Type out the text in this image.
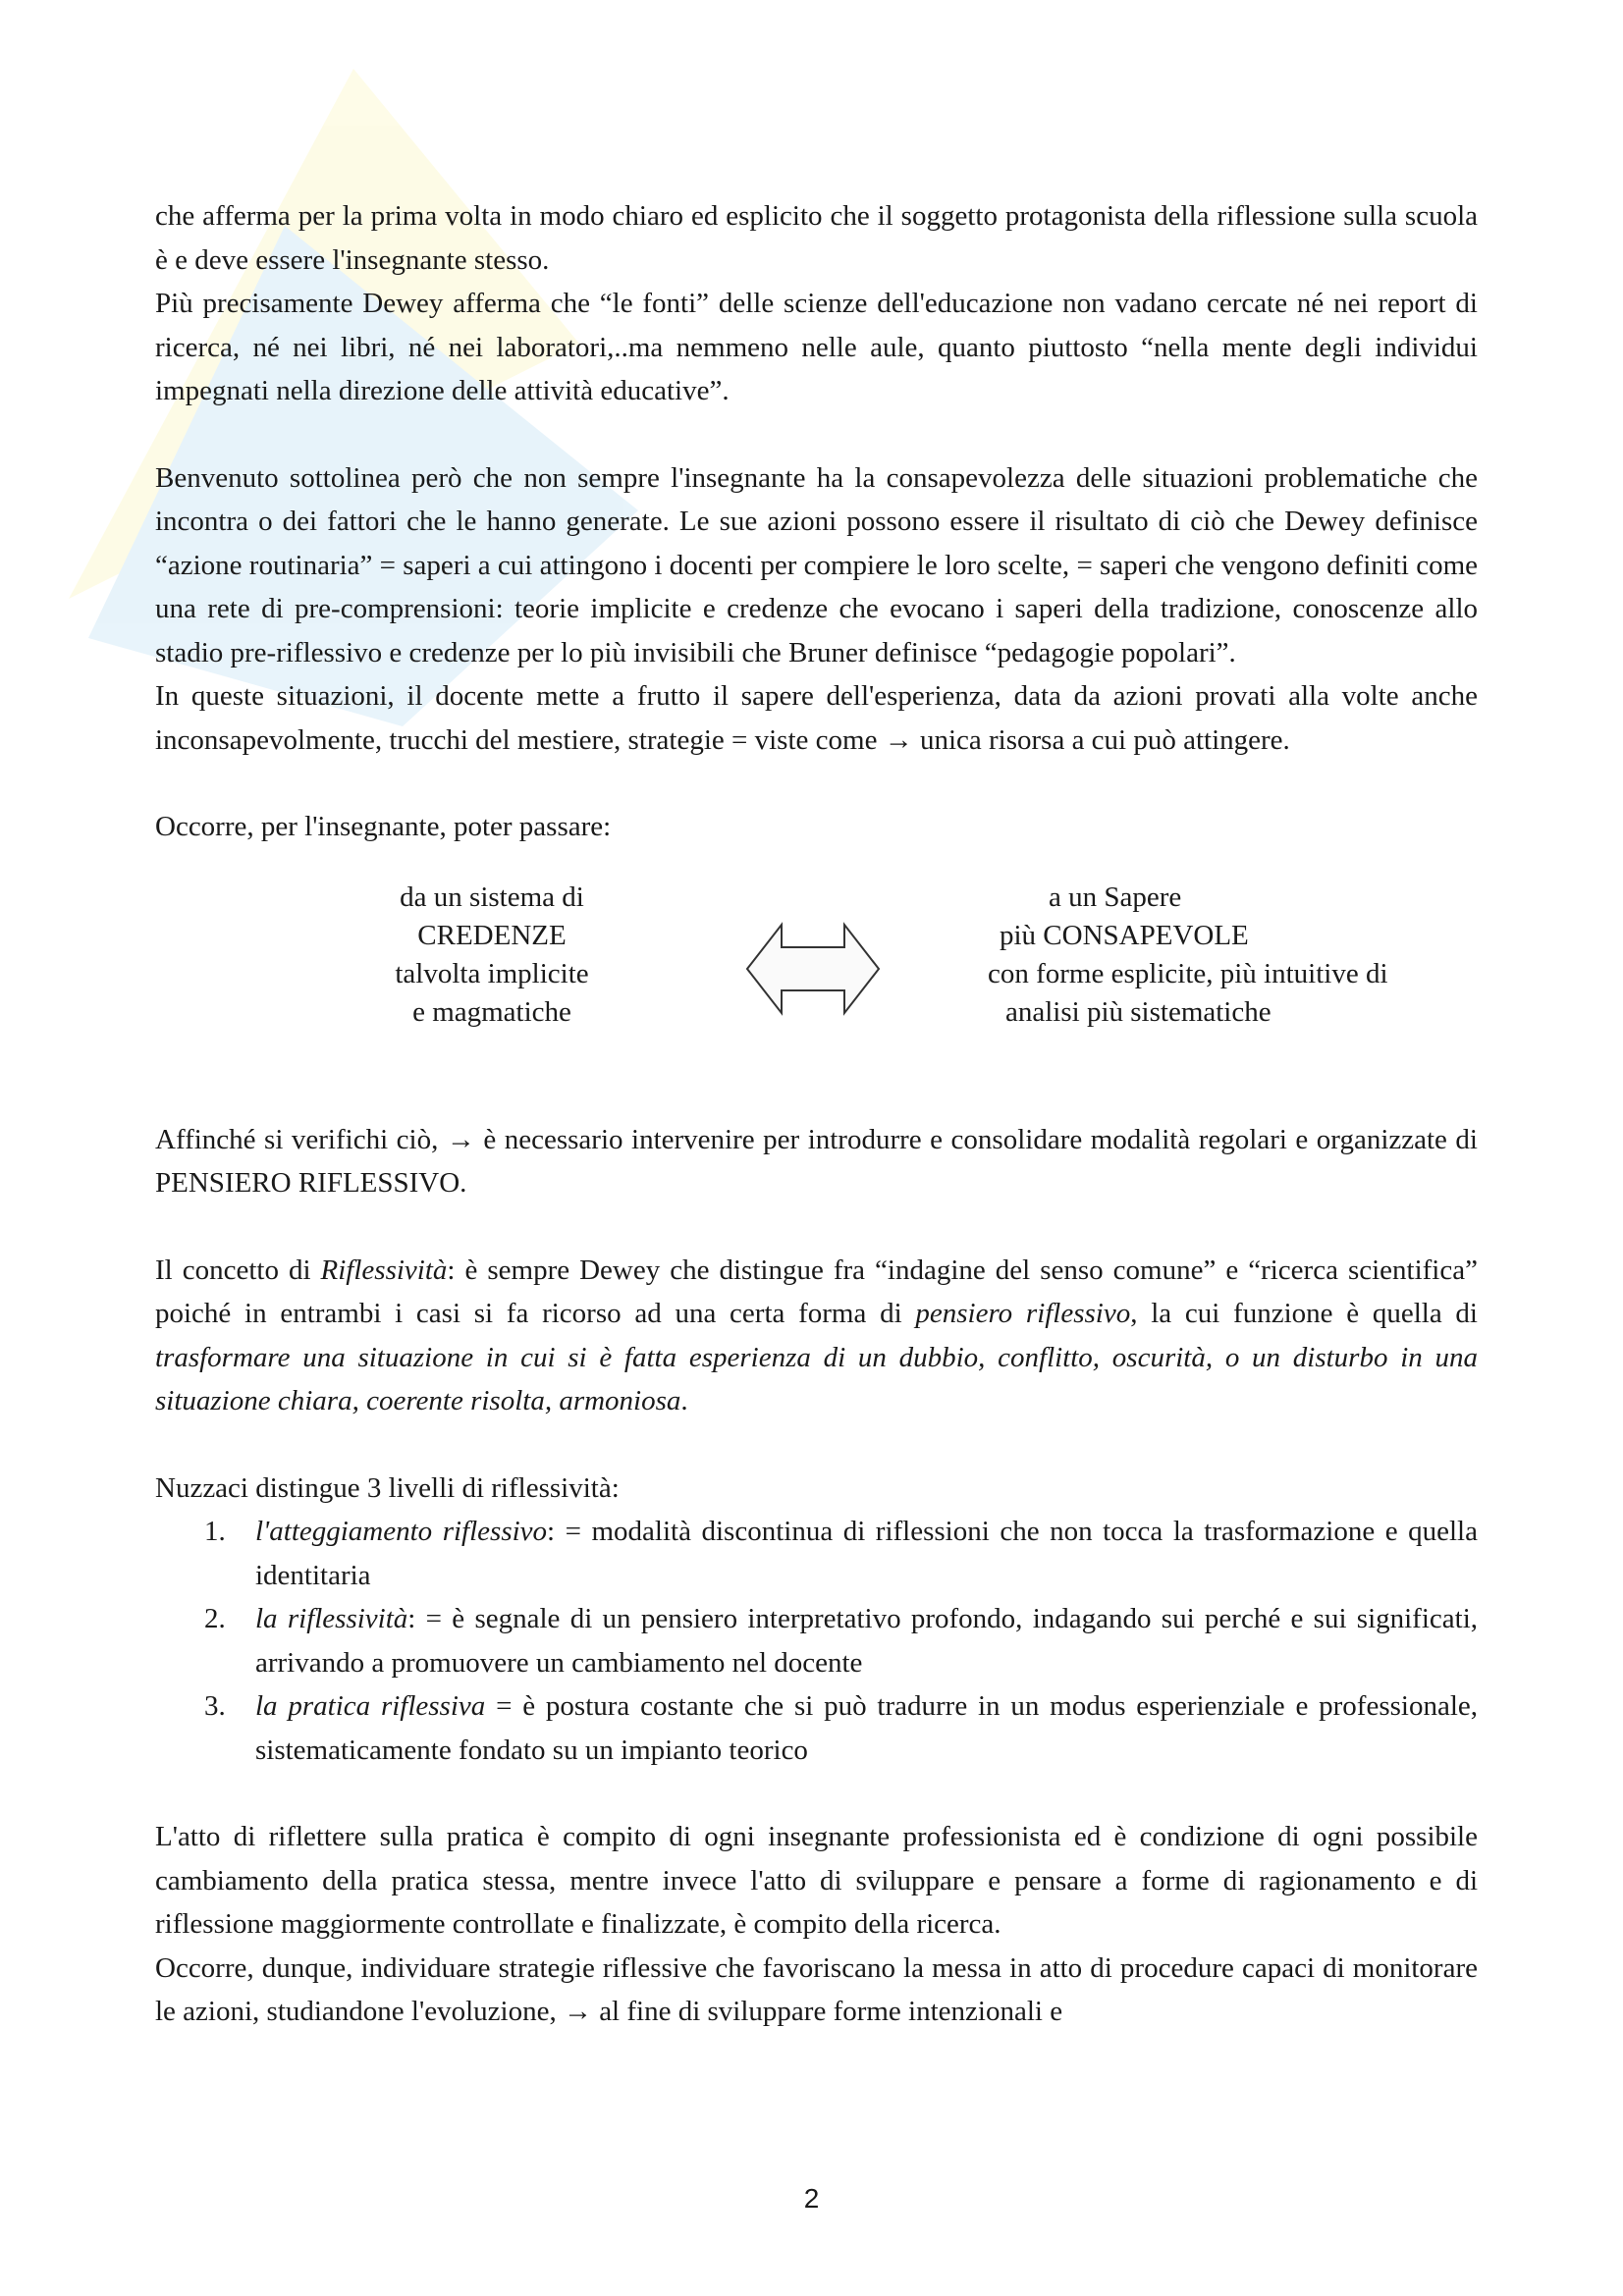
che afferma per la prima volta in modo chiaro ed esplicito che il soggetto protagonista della riflessione sulla scuola è e deve essere l'insegnante stesso.

Più precisamente Dewey afferma che “le fonti” delle scienze dell'educazione non vadano cercate né nei report di ricerca, né nei libri, né nei laboratori,..ma nemmeno nelle aule, quanto piuttosto “nella mente degli individui impegnati nella direzione delle attività educative”.

Benvenuto sottolinea però che non sempre l'insegnante ha la consapevolezza delle situazioni problematiche che incontra o dei fattori che le hanno generate. Le sue azioni possono essere il risultato di ciò che Dewey definisce “azione routinaria” = saperi a cui attingono i docenti per compiere le loro scelte, = saperi che vengono definiti come una rete di pre-comprensioni: teorie implicite e credenze che evocano i saperi della tradizione, conoscenze allo stadio pre-riflessivo e credenze per lo più invisibili che Bruner definisce “pedagogie popolari”.

In queste situazioni, il docente mette a frutto il sapere dell'esperienza, data da azioni provati alla volte anche inconsapevolmente, trucchi del mestiere, strategie = viste come → unica risorsa a cui può attingere.

Occorre, per l'insegnante, poter passare:

da un sistema di
CREDENZE
talvolta implicite
e magmatiche
a un Sapere
più CONSAPEVOLE
con forme esplicite, più intuitive di
analisi più sistematiche

Affinché si verifichi ciò, → è necessario intervenire per introdurre e consolidare modalità regolari e organizzate di PENSIERO RIFLESSIVO.

Il concetto di Riflessività: è sempre Dewey che distingue fra “indagine del senso comune” e “ricerca scientifica” poiché in entrambi i casi si fa ricorso ad una certa forma di pensiero riflessivo, la cui funzione è quella di trasformare una situazione in cui si è fatta esperienza di un dubbio, conflitto, oscurità, o un disturbo in una situazione chiara, coerente risolta, armoniosa.

Nuzzaci distingue 3 livelli di riflessività:

1. l'atteggiamento riflessivo: = modalità discontinua di riflessioni che non tocca la trasformazione e quella identitaria
2. la riflessività: = è segnale di un pensiero interpretativo profondo, indagando sui perché e sui significati, arrivando a promuovere un cambiamento nel docente
3. la pratica riflessiva = è postura costante che si può tradurre in un modus esperienziale e professionale, sistematicamente fondato su un impianto teorico

L'atto di riflettere sulla pratica è compito di ogni insegnante professionista ed è condizione di ogni possibile cambiamento della pratica stessa, mentre invece l'atto di sviluppare e pensare a forme di ragionamento e di riflessione maggiormente controllate e finalizzate, è compito della ricerca.

Occorre, dunque, individuare strategie riflessive che favoriscano la messa in atto di procedure capaci di monitorare le azioni, studiandone l'evoluzione, → al fine di sviluppare forme intenzionali e

2
